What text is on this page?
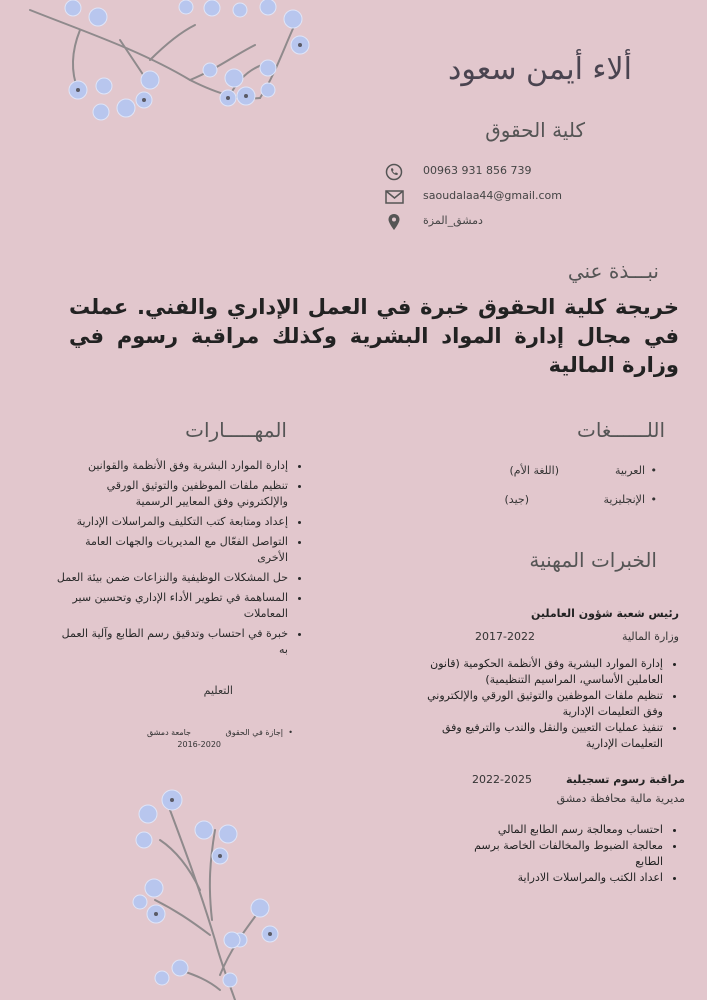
ألاء أيمن سعود
كلية الحقوق
00963 931 856 739
saoudalaa44@gmail.com
دمشق_المزة
نبـــذة عني
خريجة كلية الحقوق خبرة في العمل الإداري والفني. عملت في مجال إدارة المواد البشرية وكذلك مراقبة رسوم في وزارة المالية
المهـــــارات
• إدارة الموارد البشرية وفق الأنظمة والقوانين
• تنظيم ملفات الموظفين والتوثيق الورقي والإلكتروني وفق المعايير الرسمية
• إعداد ومتابعة كتب التكليف والمراسلات الإدارية
• التواصل الفعّال مع المديريات والجهات العامة الأخرى
• حل المشكلات الوظيفية والنزاعات ضمن بيئة العمل
• المساهمة في تطوير الأداء الإداري وتحسين سير المعاملات
• خبرة في احتساب وتدقيق رسم الطابع وآلية العمل به
اللــــــغات
•
العربية
(اللغة الأم)
•
الإنجليزية
(جيد)
الخبرات المهنية
رئيس شعبة شؤون العاملين
وزارة المالية
2017-2022
• إدارة الموارد البشرية وفق الأنظمة الحكومية (قانون العاملين الأساسي، المراسيم التنظيمية)
• تنظيم ملفات الموظفين والتوثيق الورقي والإلكتروني وفق التعليمات الإدارية
• تنفيذ عمليات التعيين والنقل والندب والترفيع وفق التعليمات الإدارية
مراقبة رسوم تسجيلية
2022-2025
مديرية مالية محافظة دمشق
• احتساب ومعالجة رسم الطابع المالي
• معالجة الضبوط والمخالفات الخاصة برسم الطابع
• اعداد الكتب والمراسلات الادراية
التعليم
•
إجازة في الحقوق
جامعة دمشق
2016-2020
